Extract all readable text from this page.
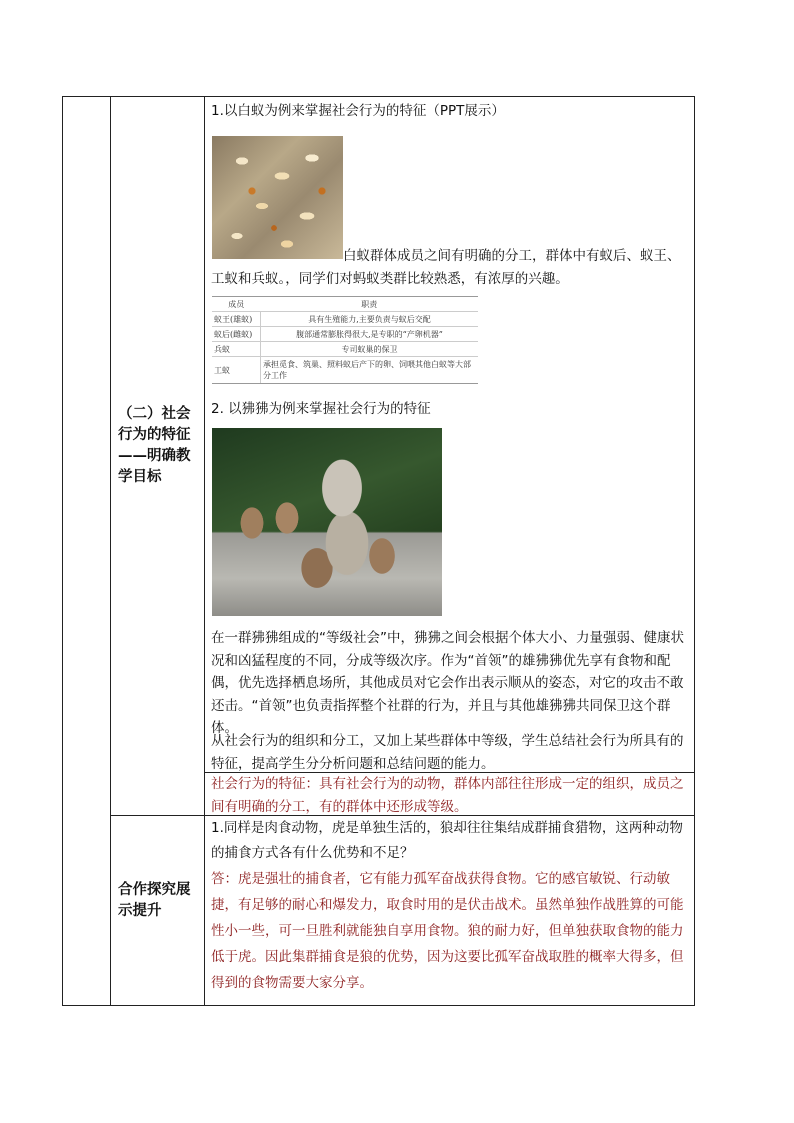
（二）社会行为的特征——明确教学目标

1.以白蚁为例来掌握社会行为的特征（PPT展示）

白蚁群体成员之间有明确的分工，群体中有蚁后、蚁王、工蚁和兵蚁。，同学们对蚂蚁类群比较熟悉，有浓厚的兴趣。

成员	职责
蚁王(雄蚁)	具有生殖能力,主要负责与蚁后交配
蚁后(雌蚁)	腹部通常膨胀得很大,是专职的“产卵机器”
兵蚁	专司蚁巢的保卫
工蚁	承担觅食、筑巢、照料蚁后产下的卵、饲喂其他白蚁等大部分工作

2. 以狒狒为例来掌握社会行为的特征

在一群狒狒组成的“等级社会”中，狒狒之间会根据个体大小、力量强弱、健康状况和凶猛程度的不同，分成等级次序。作为“首领”的雄狒狒优先享有食物和配偶，优先选择栖息场所，其他成员对它会作出表示顺从的姿态，对它的攻击不敢还击。“首领”也负责指挥整个社群的行为，并且与其他雄狒狒共同保卫这个群体。

从社会行为的组织和分工，又加上某些群体中等级，学生总结社会行为所具有的特征，提高学生分分析问题和总结问题的能力。

社会行为的特征：具有社会行为的动物，群体内部往往形成一定的组织，成员之间有明确的分工，有的群体中还形成等级。

合作探究展示提升

1.同样是肉食动物，虎是单独生活的，狼却往往集结成群捕食猎物，这两种动物的捕食方式各有什么优势和不足？

答：虎是强壮的捕食者，它有能力孤军奋战获得食物。它的感官敏锐、行动敏捷，有足够的耐心和爆发力，取食时用的是伏击战术。虽然单独作战胜算的可能性小一些，可一旦胜利就能独自享用食物。狼的耐力好，但单独获取食物的能力低于虎。因此集群捕食是狼的优势，因为这要比孤军奋战取胜的概率大得多，但得到的食物需要大家分享。
